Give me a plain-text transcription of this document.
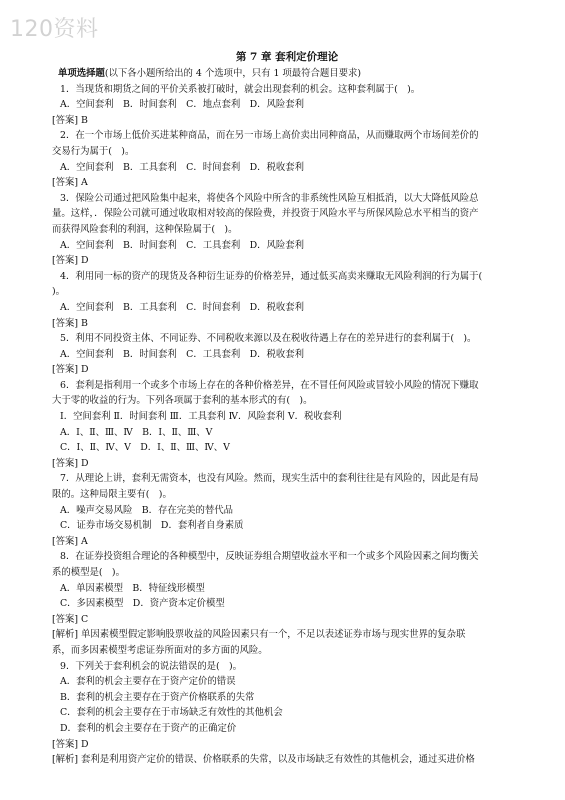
120资料
第 7 章 套利定价理论
单项选择题(以下各小题所给出的 4 个选项中，只有 1 项最符合题目要求)
1．当现货和期货之间的平价关系被打破时，就会出现套利的机会。这种套利属于(　)。
A．空间套利　B．时间套利　C．地点套利　D．风险套利
[答案] B
2．在一个市场上低价买进某种商品，而在另一市场上高价卖出同种商品，从而赚取两个市场间差价的
交易行为属于(　)。
A．空间套利　B．工具套利　C．时间套利　D．税收套利
[答案] A
3．保险公司通过把风险集中起来，将使各个风险中所含的非系统性风险互相抵消，以大大降低风险总
量。这样，．保险公司就可通过收取相对较高的保险费，并投资于风险水平与所保风险总水平相当的资产
而获得风险套利的利润，这种保险属于(　)。
A．空间套利　B．时间套利　C．工具套利　D．风险套利
[答案] D
4．利用同一标的资产的现货及各种衍生证券的价格差异，通过低买高卖来赚取无风险利润的行为属于(
)。
A．空间套利　B．工具套利　C．时间套利　D．税收套利
[答案] B
5．利用不同投资主体、不同证券、不同税收来源以及在税收待遇上存在的差异进行的套利属于(　)。
A．空间套利　B．时间套利　C．工具套利　D．税收套利
[答案] D
6．套利是指利用一个或多个市场上存在的各种价格差异，在不冒任何风险或冒较小风险的情况下赚取
大于零的收益的行为。下列各项属于套利的基本形式的有(　)。
Ⅰ．空间套利 Ⅱ．时间套利 Ⅲ．工具套利 Ⅳ．风险套利 Ⅴ．税收套利
A．Ⅰ、Ⅱ、Ⅲ、Ⅳ　B．Ⅰ、Ⅱ、Ⅲ、Ⅴ
C．Ⅰ、Ⅱ、Ⅳ、Ⅴ　D．Ⅰ、Ⅱ、Ⅲ、Ⅳ、Ⅴ
[答案] D
7．从理论上讲，套利无需资本，也没有风险。然而，现实生活中的套利往往是有风险的，因此是有局
限的。这种局限主要有(　)。
A．噪声交易风险　B．存在完美的替代品
C．证券市场交易机制　D．套利者自身素质
[答案] A
8．在证券投资组合理论的各种模型中，反映证券组合期望收益水平和一个或多个风险因素之间均衡关
系的模型是(　)。
A．单因素模型　B．特征线形模型
C．多因素模型　D．资产资本定价模型
[答案] C
[解析] 单因素模型假定影响股票收益的风险因素只有一个，不足以表述证券市场与现实世界的复杂联
系，而多因素模型考虑证券所面对的多方面的风险。
9．下列关于套利机会的说法错误的是(　)。
A．套利的机会主要存在于资产定价的错误
B．套利的机会主要存在于资产价格联系的失常
C．套利的机会主要存在于市场缺乏有效性的其他机会
D．套利的机会主要存在于资产的正确定价
[答案] D
[解析] 套利是利用资产定价的错误、价格联系的失常，以及市场缺乏有效性的其他机会，通过买进价格
